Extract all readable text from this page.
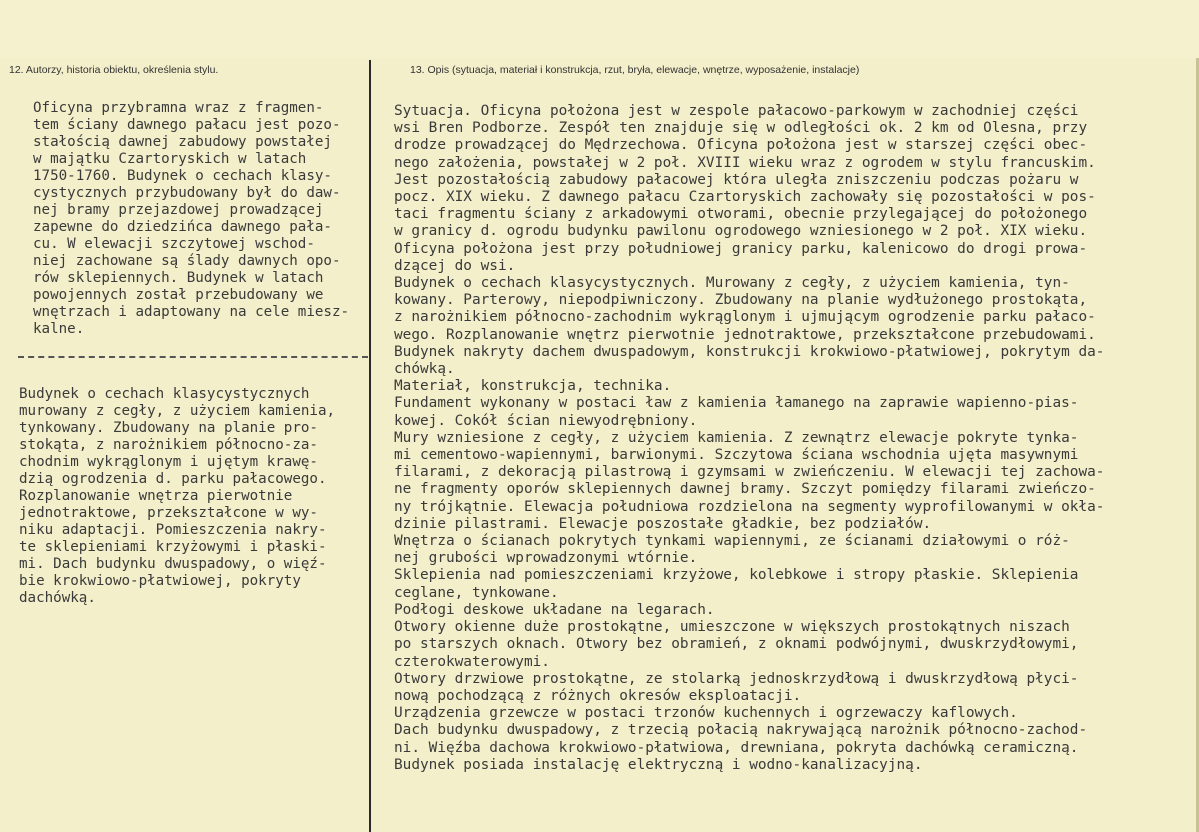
12. Autorzy, historia obiektu, określenia stylu.	13. Opis (sytuacja, materiał i konstrukcja, rzut, bryła, elewacje, wnętrze, wyposażenie, instalacje)
Oficyna przybramna wraz z fragmen-
tem ściany dawnego pałacu jest pozo-
stałością dawnej zabudowy powstałej
w majątku Czartoryskich w latach
1750-1760. Budynek o cechach klasy-
cystycznych przybudowany był do daw-
nej bramy przejazdowej prowadzącej
zapewne do dziedzińca dawnego pała-
cu. W elewacji szczytowej wschod-
niej zachowane są ślady dawnych opo-
rów sklepiennych. Budynek w latach
powojennych został przebudowany we
wnętrzach i adaptowany na cele miesz-
kalne.
Budynek o cechach klasycystycznych
murowany z cegły, z użyciem kamienia,
tynkowany. Zbudowany na planie pro-
stokąta, z narożnikiem północno-za-
chodnim wykrąglonym i ujętym krawę-
dzią ogrodzenia d. parku pałacowego.
Rozplanowanie wnętrza pierwotnie
jednotraktowe, przekształcone w wy-
niku adaptacji. Pomieszczenia nakry-
te sklepieniami krzyżowymi i płaski-
mi. Dach budynku dwuspadowy, o więź-
bie krokwiowo-płatwiowej, pokryty
dachówką.
Sytuacja. Oficyna położona jest w zespole pałacowo-parkowym w zachodniej części
wsi Bren Podborze. Zespół ten znajduje się w odległości ok. 2 km od Olesna, przy
drodze prowadzącej do Mędrzechowa. Oficyna położona jest w starszej części obec-
nego założenia, powstałej w 2 poł. XVIII wieku wraz z ogrodem w stylu francuskim.
Jest pozostałością zabudowy pałacowej która uległa zniszczeniu podczas pożaru w
pocz. XIX wieku. Z dawnego pałacu Czartoryskich zachowały się pozostałości w pos-
taci fragmentu ściany z arkadowymi otworami, obecnie przylegającej do położonego
w granicy d. ogrodu budynku pawilonu ogrodowego wzniesionego w 2 poł. XIX wieku.
Oficyna położona jest przy południowej granicy parku, kalenicowo do drogi prowa-
dzącej do wsi.
Budynek o cechach klasycystycznych. Murowany z cegły, z użyciem kamienia, tyn-
kowany. Parterowy, niepodpiwniczony. Zbudowany na planie wydłużonego prostokąta,
z narożnikiem północno-zachodnim wykrąglonym i ujmującym ogrodzenie parku pałaco-
wego. Rozplanowanie wnętrz pierwotnie jednotraktowe, przekształcone przebudowami.
Budynek nakryty dachem dwuspadowym, konstrukcji krokwiowo-płatwiowej, pokrytym da-
chówką.
Materiał, konstrukcja, technika.
Fundament wykonany w postaci ław z kamienia łamanego na zaprawie wapienno-pias-
kowej. Cokół ścian niewyodrębniony.
Mury wzniesione z cegły, z użyciem kamienia. Z zewnątrz elewacje pokryte tynka-
mi cementowo-wapiennymi, barwionymi. Szczytowa ściana wschodnia ujęta masywnymi
filarami, z dekoracją pilastrową i gzymsami w zwieńczeniu. W elewacji tej zachowa-
ne fragmenty oporów sklepiennych dawnej bramy. Szczyt pomiędzy filarami zwieńczo-
ny trójkątnie. Elewacja południowa rozdzielona na segmenty wyprofilowanymi w okła-
dzinie pilastrami. Elewacje poszostałe gładkie, bez podziałów.
Wnętrza o ścianach pokrytych tynkami wapiennymi, ze ścianami działowymi o róż-
nej grubości wprowadzonymi wtórnie.
Sklepienia nad pomieszczeniami krzyżowe, kolebkowe i stropy płaskie. Sklepienia
ceglane, tynkowane.
Podłogi deskowe układane na legarach.
Otwory okienne duże prostokątne, umieszczone w większych prostokątnych niszach
po starszych oknach. Otwory bez obramień, z oknami podwójnymi, dwuskrzydłowymi,
czterokwaterowymi.
Otwory drzwiowe prostokątne, ze stolarką jednoskrzydłową i dwuskrzydłową płyci-
nową pochodzącą z różnych okresów eksploatacji.
Urządzenia grzewcze w postaci trzonów kuchennych i ogrzewaczy kaflowych.
Dach budynku dwuspadowy, z trzecią połacią nakrywającą narożnik północno-zachod-
ni. Więźba dachowa krokwiowo-płatwiowa, drewniana, pokryta dachówką ceramiczną.
Budynek posiada instalację elektryczną i wodno-kanalizacyjną.
